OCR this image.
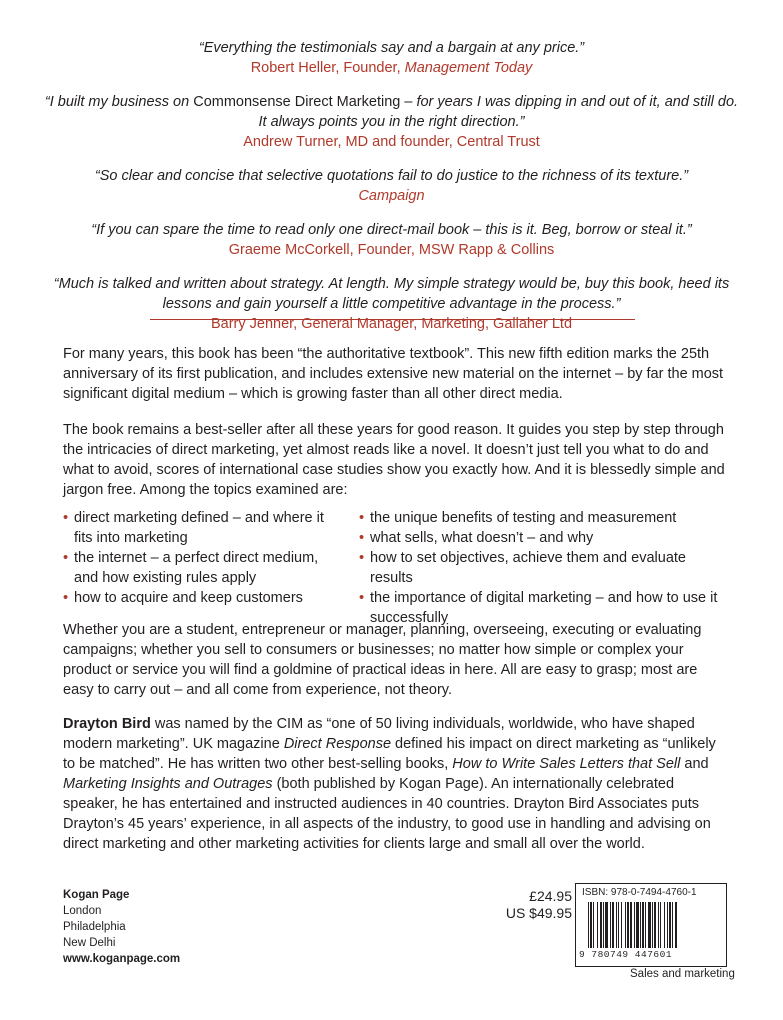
“Everything the testimonials say and a bargain at any price.”
Robert Heller, Founder, Management Today
“I built my business on Commonsense Direct Marketing – for years I was dipping in and out of it, and still do. It always points you in the right direction.”
Andrew Turner, MD and founder, Central Trust
“So clear and concise that selective quotations fail to do justice to the richness of its texture.”
Campaign
“If you can spare the time to read only one direct-mail book – this is it. Beg, borrow or steal it.”
Graeme McCorkell, Founder, MSW Rapp & Collins
“Much is talked and written about strategy. At length. My simple strategy would be, buy this book, heed its lessons and gain yourself a little competitive advantage in the process.”
Barry Jenner, General Manager, Marketing, Gallaher Ltd

For many years, this book has been “the authoritative textbook”. This new fifth edition marks the 25th anniversary of its first publication, and includes extensive new material on the internet – by far the most significant digital medium – which is growing faster than all other direct media.

The book remains a best-seller after all these years for good reason. It guides you step by step through the intricacies of direct marketing, yet almost reads like a novel. It doesn’t just tell you what to do and what to avoid, scores of international case studies show you exactly how. And it is blessedly simple and jargon free. Among the topics examined are:

• direct marketing defined – and where it fits into marketing
• the internet – a perfect direct medium, and how existing rules apply
• how to acquire and keep customers
• the unique benefits of testing and measurement
• what sells, what doesn’t – and why
• how to set objectives, achieve them and evaluate results
• the importance of digital marketing – and how to use it successfully

Whether you are a student, entrepreneur or manager, planning, overseeing, executing or evaluating campaigns; whether you sell to consumers or businesses; no matter how simple or complex your product or service you will find a goldmine of practical ideas in here. All are easy to grasp; most are easy to carry out – and all come from experience, not theory.

Drayton Bird was named by the CIM as “one of 50 living individuals, worldwide, who have shaped modern marketing”. UK magazine Direct Response defined his impact on direct marketing as “unlikely to be matched”. He has written two other best-selling books, How to Write Sales Letters that Sell and Marketing Insights and Outrages (both published by Kogan Page). An internationally celebrated speaker, he has entertained and instructed audiences in 40 countries. Drayton Bird Associates puts Drayton’s 45 years’ experience, in all aspects of the industry, to good use in handling and advising on direct marketing and other marketing activities for clients large and small all over the world.

Kogan Page
London
Philadelphia
New Delhi
www.koganpage.com
£24.95
US $49.95
ISBN: 978-0-7494-4760-1
9 780749 447601
Sales and marketing
